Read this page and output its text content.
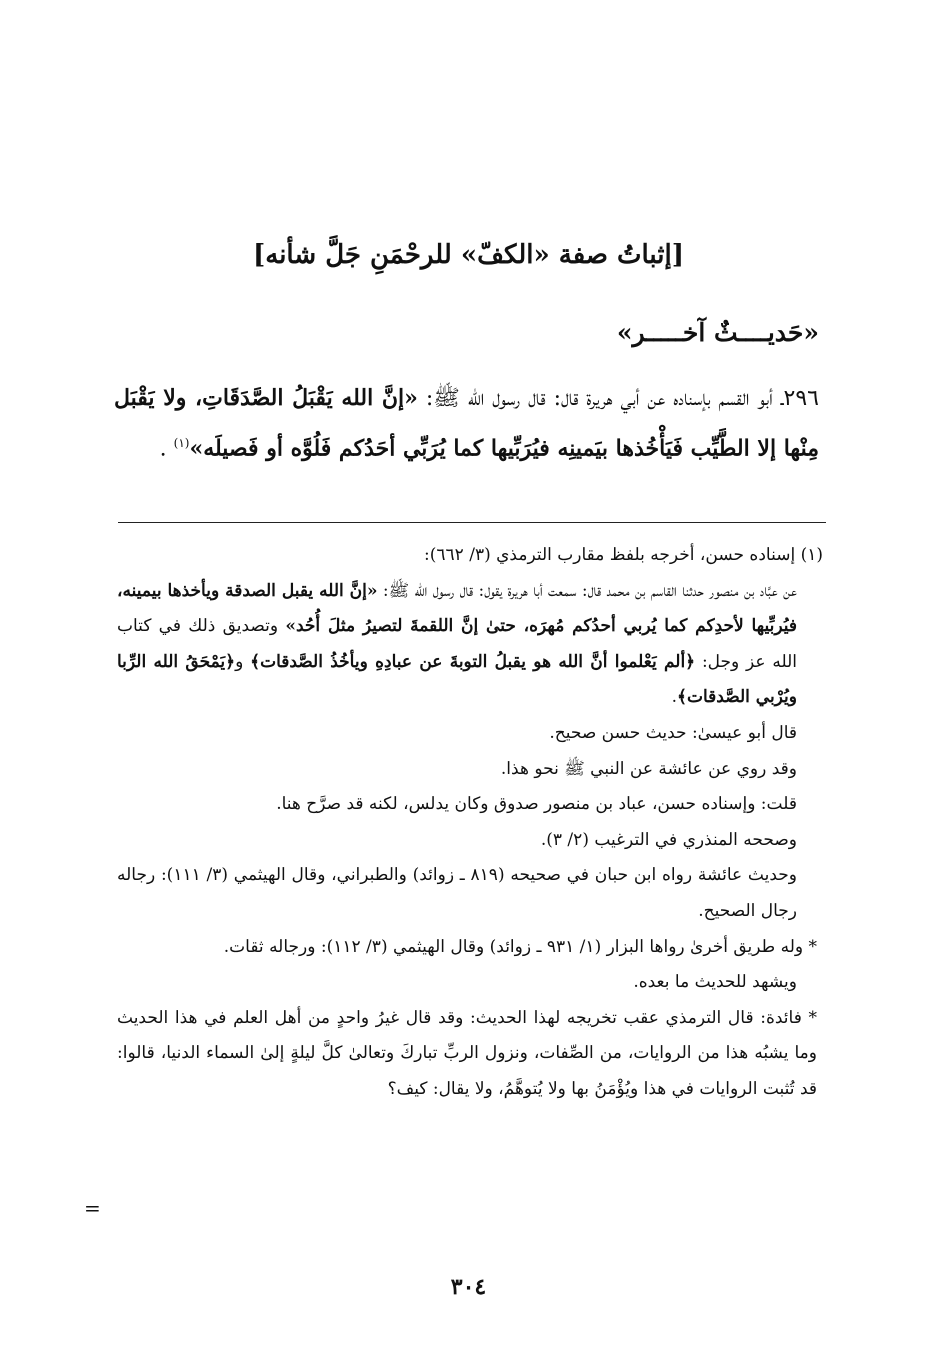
[إثباتُ صفة «الكفّ» للرحْمَنِ جَلَّ شأنه]
«حَديــــثٌ آخـــــر»
٢٩٦ـ أبو القسم بإسناده عن أبي هريرة قال: قال رسول الله ﷺ: «إنَّ الله يَقْبَلُ الصَّدَقَاتِ، ولا يَقْبَل مِنْها إلا الطَّيِّب فَيَأْخُذها بيَمينِه فيُرَبِّيها كما يُرَبِّي أحَدُكم فَلُوَّه أو فَصيلَه»$^{(١)}$ .

(١) إسناده حسن، أخرجه بلفظ مقارب الترمذي (٣/ ٦٦٢):

عن عبَّاد بن منصور حدثنا القاسم بن محمد قال: سمعت أبا هريرة يقول: قال رسول الله ﷺ: «إنَّ الله يقبل الصدقة ويأخذها بيمينه، فيُربِّيها لأحدِكم كما يُربي أحدُكم مُهرَه، حتىٰ إنَّ اللقمةَ لتصيرُ مثلَ أُحُد» وتصديق ذلك في كتاب الله عز وجل: ﴿ألم يَعْلموا أنَّ الله هو يقبلُ التوبةَ عن عبادِهِ ويأخُذُ الصَّدقات﴾ و﴿يَمْحَقُ الله الرِّبا ويُرْبي الصَّدقات﴾.

قال أبو عيسىٰ: حديث حسن صحيح.

وقد روي عن عائشة عن النبي ﷺ نحو هذا.

قلت: وإسناده حسن، عباد بن منصور صدوق وكان يدلس، لكنه قد صرَّح هنا.

وصححه المنذري في الترغيب (٢/ ٣).

وحديث عائشة رواه ابن حبان في صحيحه (٨١٩ ـ زوائد) والطبراني، وقال الهيثمي (٣/ ١١١): رجاله رجال الصحيح.

* وله طريق أخرىٰ رواها البزار (١/ ٩٣١ ـ زوائد) وقال الهيثمي (٣/ ١١٢): ورجاله ثقات.

ويشهد للحديث ما بعده.

* فائدة: قال الترمذي عقب تخريجه لهذا الحديث: وقد قال غيرُ واحدٍ من أهل العلم في هذا الحديث وما يشبُه هذا من الروايات، من الصِّفات، ونزول الربِّ تباركَ وتعالىٰ كلَّ ليلةٍ إلىٰ السماء الدنيا، قالوا: قد تُثبت الروايات في هذا ويُؤْمَنُ بها ولا يُتوهَّمُ، ولا يقال: كيف؟

=
٣٠٤
